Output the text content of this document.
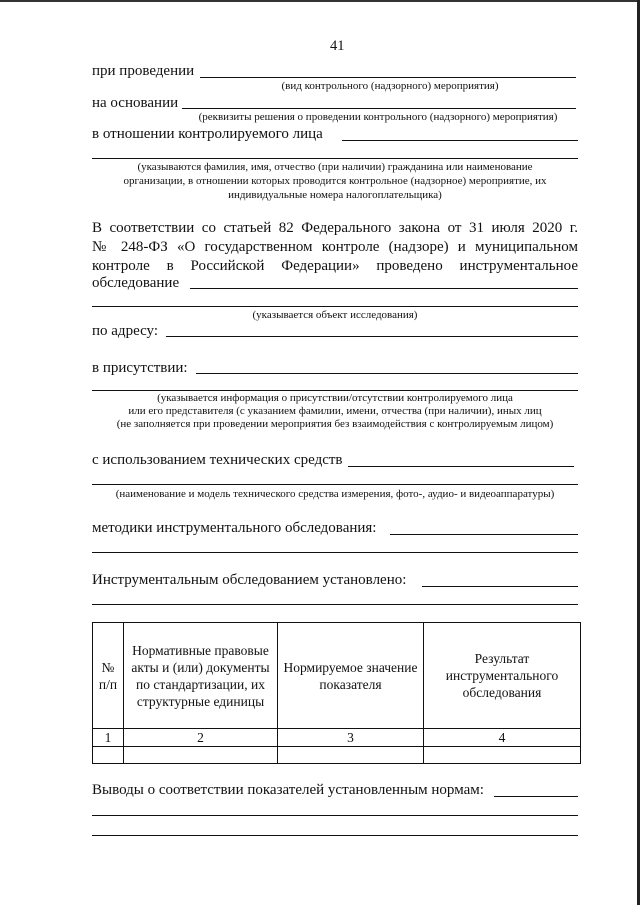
41
при проведении
(вид контрольного (надзорного) мероприятия)
на основании
(реквизиты решения о проведении контрольного (надзорного) мероприятия)
в отношении контролируемого лица
(указываются фамилия, имя, отчество (при наличии) гражданина или наименование
организации, в отношении которых проводится контрольное (надзорное) мероприятие, их
индивидуальные номера налогоплательщика)
В соответствии со статьей 82 Федерального закона от 31 июля 2020 г.
№ 248-ФЗ «О государственном контроле (надзоре) и муниципальном
контроле в Российской Федерации» проведено инструментальное
обследование
(указывается объект исследования)
по адресу:
в присутствии:
(указывается информация о присутствии/отсутствии контролируемого лица
или его представителя (с указанием фамилии, имени, отчества (при наличии), иных лиц
(не заполняется при проведении мероприятия без взаимодействия с контролируемым лицом)
с использованием технических средств
(наименование и модель технического средства измерения, фото-, аудио- и видеоаппаратуры)
методики инструментального обследования:
Инструментальным обследованием установлено:
№ п/п	Нормативные правовые акты и (или) документы по стандартизации, их структурные единицы	Нормируемое значение показателя	Результат инструментального обследования
1	2	3	4

Выводы о соответствии показателей установленным нормам:
